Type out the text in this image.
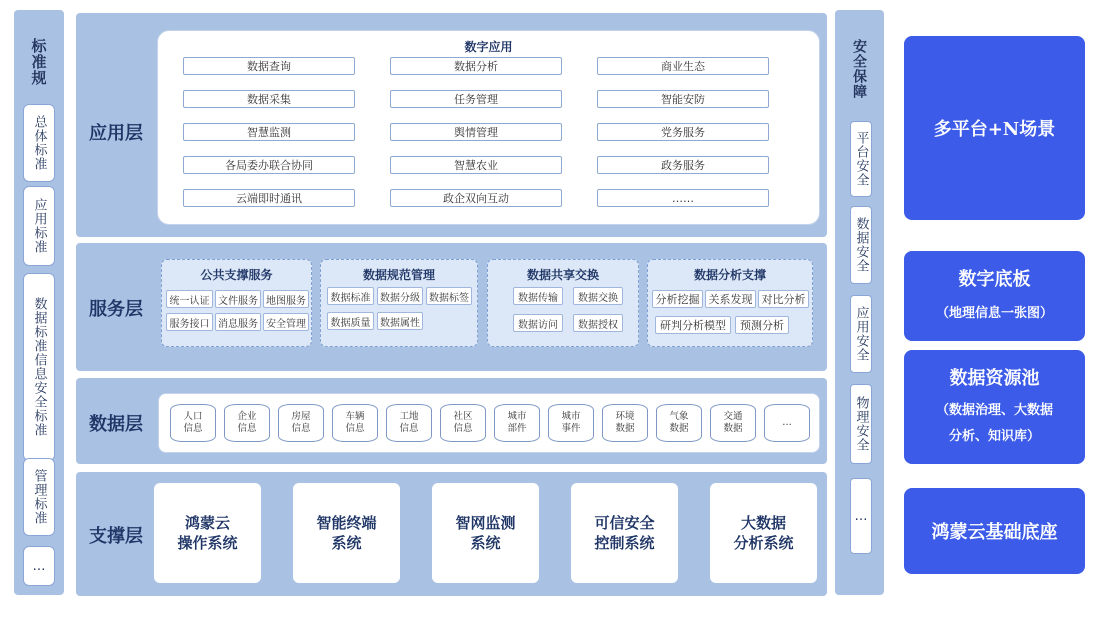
标准规
总体标准
应用标准
数据标准信息安全标准
管理标准
…
应用层
数字应用
数据查询	数据分析	商业生态
数据采集	任务管理	智能安防
智慧监测	舆情管理	党务服务
各局委办联合协同	智慧农业	政务服务
云端即时通讯	政企双向互动	……
服务层
公共支撑服务
统一认证 文件服务 地图服务
服务接口 消息服务 安全管理
数据规范管理
数据标准 数据分级 数据标签
数据质量 数据属性
数据共享交换
数据传输	数据交换
数据访问	数据授权
数据分析支撑
分析挖掘 关系发现 对比分析
研判分析模型	预测分析
数据层	人口
信息
企业
信息
房屋
信息
车辆
信息
工地
信息
社区
信息
城市
部件
城市
事件
环境
数据
气象
数据
交通
数据
…
支撑层
鸿蒙云
操作系统
智能终端
系统
智网监测
系统
可信安全
控制系统
大数据
分析系统
安全保障
平台安全
数据安全
应用安全
物理安全
…
多平台+N场景
数字底板
（地理信息一张图）
数据资源池
（数据治理、大数据
分析、知识库）
鸿蒙云基础底座
